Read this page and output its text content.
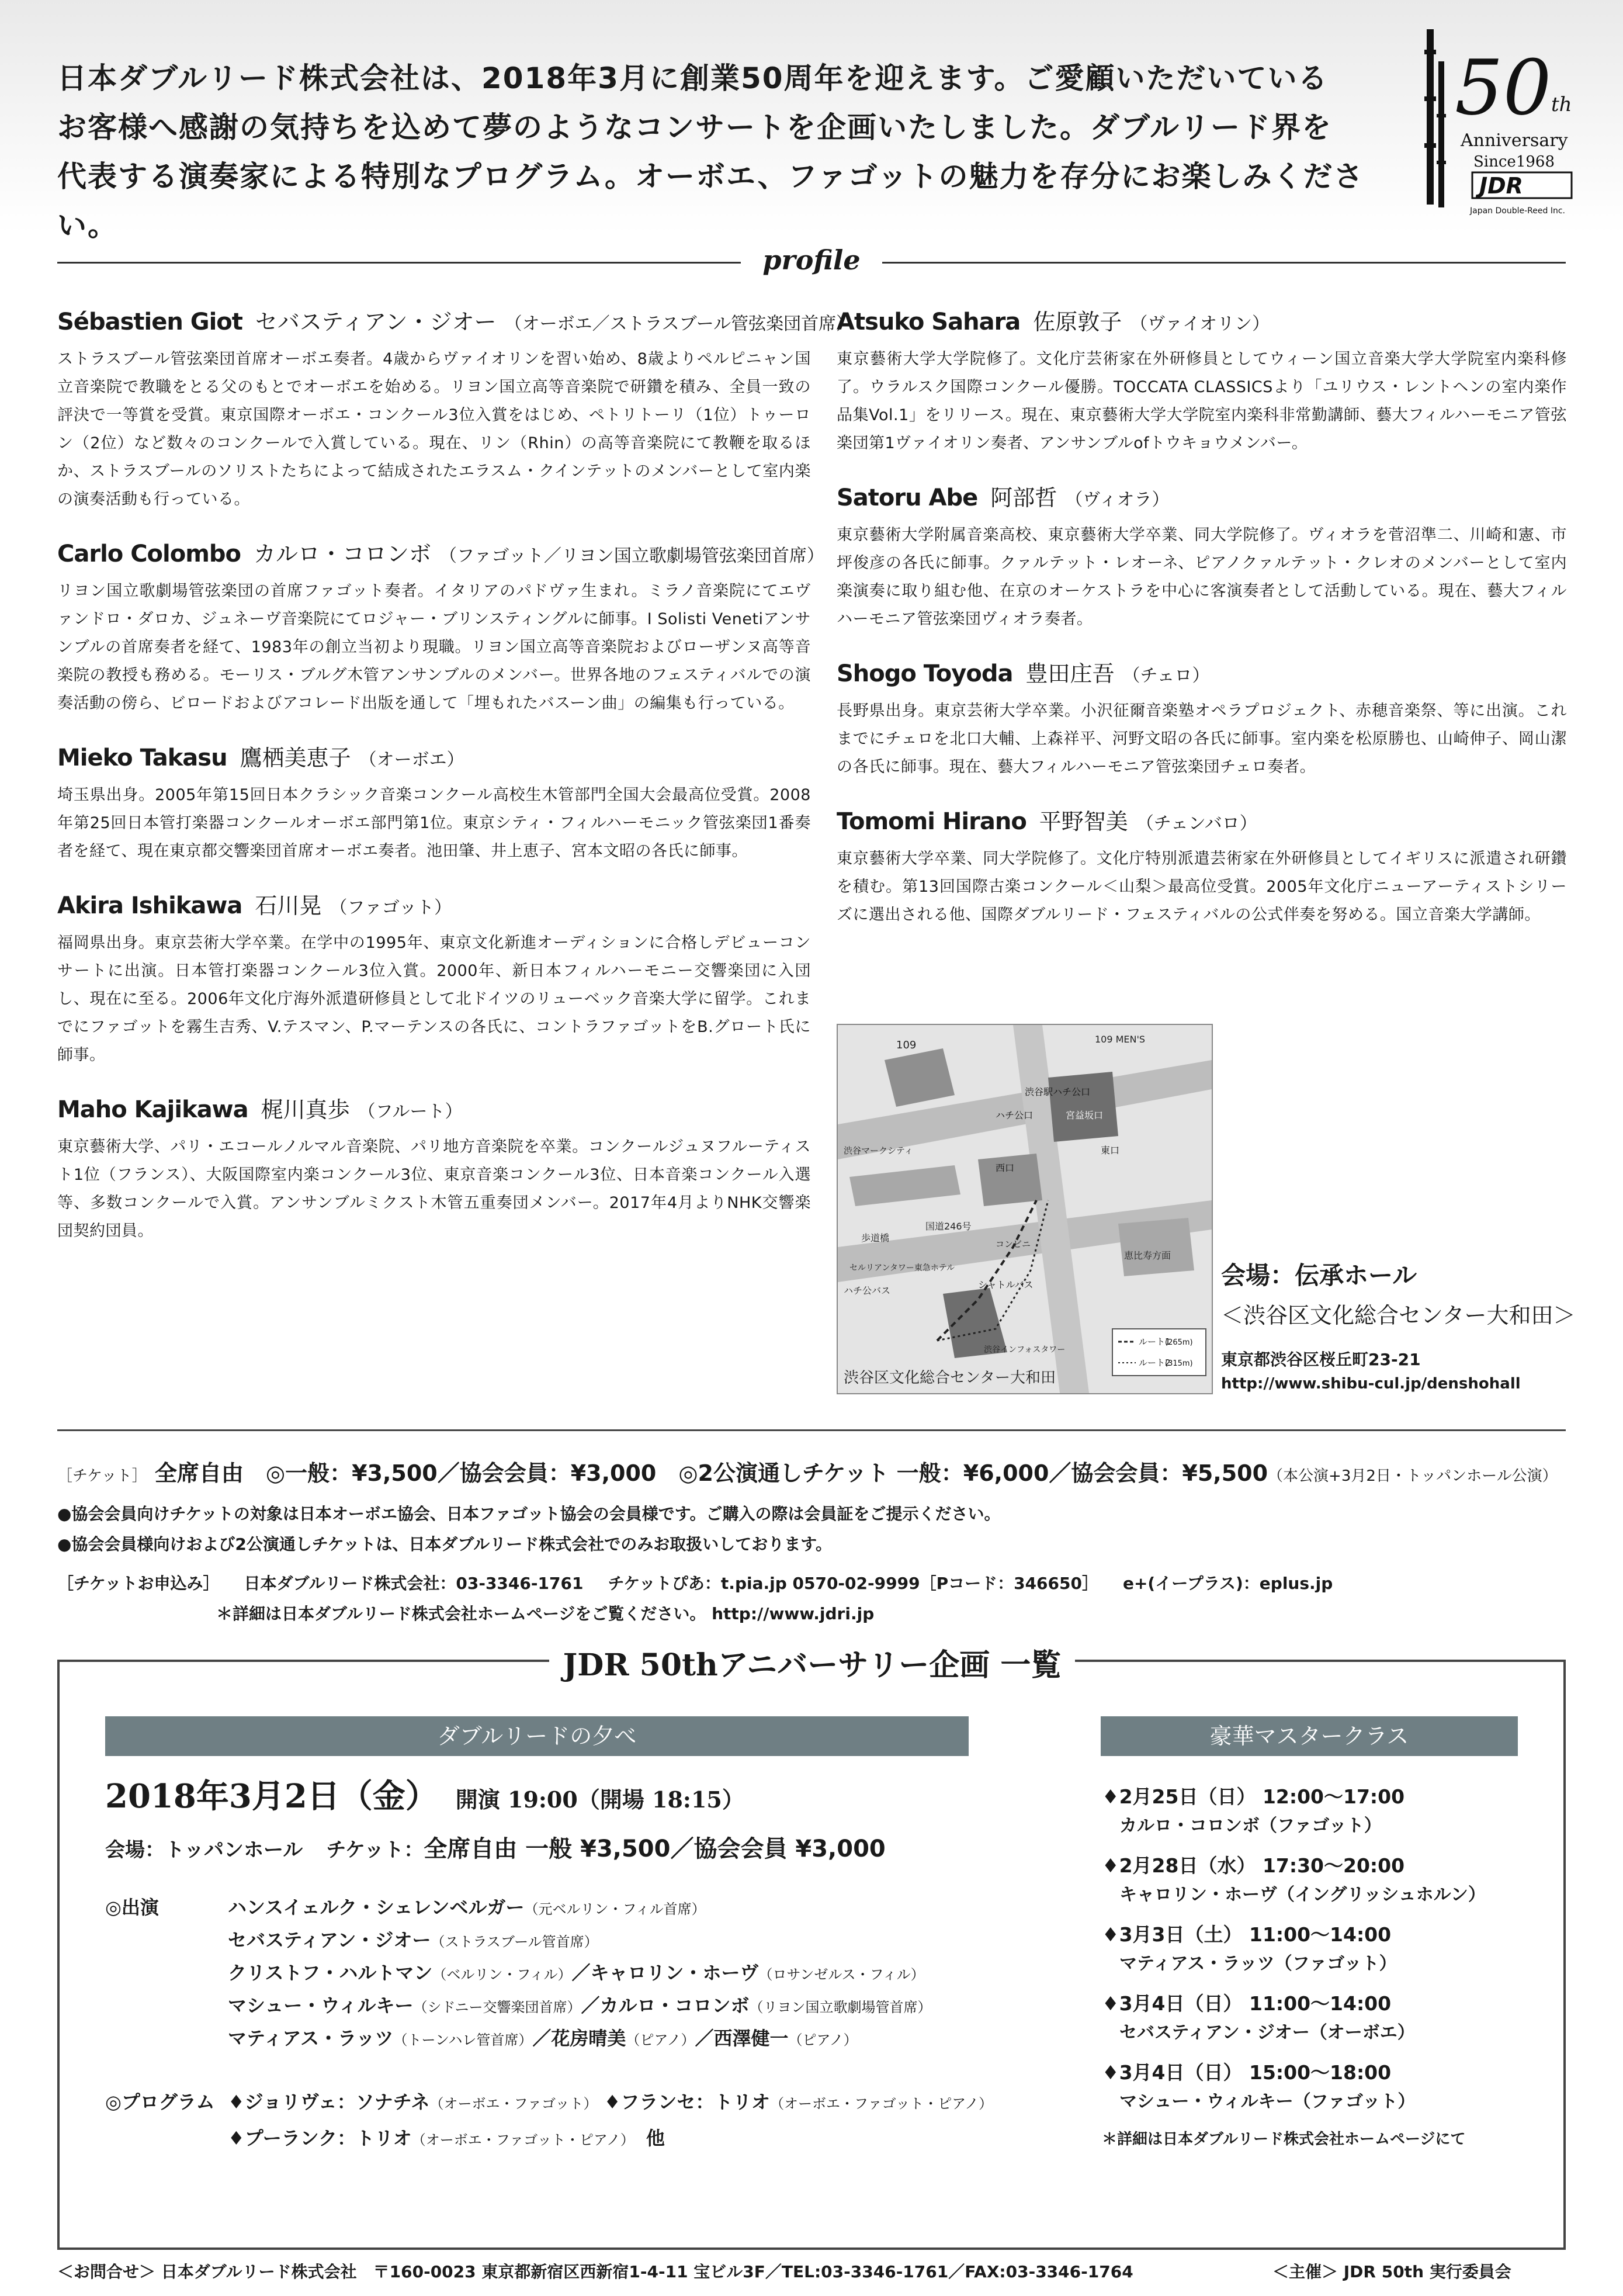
日本ダブルリード株式会社は、2018年3月に創業50周年を迎えます。ご愛顧いただいている
お客様へ感謝の気持ちを込めて夢のようなコンサートを企画いたしました。ダブルリード界を
代表する演奏家による特別なプログラム。オーボエ、ファゴットの魅力を存分にお楽しみください。
50 th
Anniversary
Since1968
JDR
Japan Double-Reed Inc.
profile
Sébastien Giot セバスティアン・ジオー （オーボエ／ストラスブール管弦楽団首席）
ストラスブール管弦楽団首席オーボエ奏者。4歳からヴァイオリンを習い始め、8歳よりペルピニャン国立音楽院で教職をとる父のもとでオーボエを始める。リヨン国立高等音楽院で研鑽を積み、全員一致の評決で一等賞を受賞。東京国際オーボエ・コンクール3位入賞をはじめ、ペトリトーリ（1位）トゥーロン（2位）など数々のコンクールで入賞している。現在、リン（Rhin）の高等音楽院にて教鞭を取るほか、ストラスブールのソリストたちによって結成されたエラスム・クインテットのメンバーとして室内楽の演奏活動も行っている。
Carlo Colombo カルロ・コロンボ （ファゴット／リヨン国立歌劇場管弦楽団首席）
リヨン国立歌劇場管弦楽団の首席ファゴット奏者。イタリアのパドヴァ生まれ。ミラノ音楽院にてエヴァンドロ・ダロカ、ジュネーヴ音楽院にてロジャー・ブリンスティングルに師事。I Solisti Venetiアンサンブルの首席奏者を経て、1983年の創立当初より現職。リヨン国立高等音楽院およびローザンヌ高等音楽院の教授も務める。モーリス・ブルグ木管アンサンブルのメンバー。世界各地のフェスティバルでの演奏活動の傍ら、ビロードおよびアコレード出版を通して「埋もれたバスーン曲」の編集も行っている。
Mieko Takasu 鷹栖美恵子 （オーボエ）
埼玉県出身。2005年第15回日本クラシック音楽コンクール高校生木管部門全国大会最高位受賞。2008年第25回日本管打楽器コンクールオーボエ部門第1位。東京シティ・フィルハーモニック管弦楽団1番奏者を経て、現在東京都交響楽団首席オーボエ奏者。池田肇、井上恵子、宮本文昭の各氏に師事。
Akira Ishikawa 石川晃 （ファゴット）
福岡県出身。東京芸術大学卒業。在学中の1995年、東京文化新進オーディションに合格しデビューコンサートに出演。日本管打楽器コンクール3位入賞。2000年、新日本フィルハーモニー交響楽団に入団し、現在に至る。2006年文化庁海外派遣研修員として北ドイツのリューベック音楽大学に留学。これまでにファゴットを霧生吉秀、V.テスマン、P.マーテンスの各氏に、コントラファゴットをB.グロート氏に師事。
Maho Kajikawa 梶川真歩 （フルート）
東京藝術大学、パリ・エコールノルマル音楽院、パリ地方音楽院を卒業。コンクールジュヌフルーティスト1位（フランス）、大阪国際室内楽コンクール3位、東京音楽コンクール3位、日本音楽コンクール入選等、多数コンクールで入賞。アンサンブルミクスト木管五重奏団メンバー。2017年4月よりNHK交響楽団契約団員。
Atsuko Sahara 佐原敦子 （ヴァイオリン）
東京藝術大学大学院修了。文化庁芸術家在外研修員としてウィーン国立音楽大学大学院室内楽科修了。ウラルスク国際コンクール優勝。TOCCATA CLASSICSより「ユリウス・レントヘンの室内楽作品集Vol.1」をリリース。現在、東京藝術大学大学院室内楽科非常勤講師、藝大フィルハーモニア管弦楽団第1ヴァイオリン奏者、アンサンブルofトウキョウメンバー。
Satoru Abe 阿部哲 （ヴィオラ）
東京藝術大学附属音楽高校、東京藝術大学卒業、同大学院修了。ヴィオラを菅沼準二、川崎和憲、市坪俊彦の各氏に師事。クァルテット・レオーネ、ピアノクァルテット・クレオのメンバーとして室内楽演奏に取り組む他、在京のオーケストラを中心に客演奏者として活動している。現在、藝大フィルハーモニア管弦楽団ヴィオラ奏者。
Shogo Toyoda 豊田庄吾 （チェロ）
長野県出身。東京芸術大学卒業。小沢征爾音楽塾オペラプロジェクト、赤穂音楽祭、等に出演。これまでにチェロを北口大輔、上森祥平、河野文昭の各氏に師事。室内楽を松原勝也、山崎伸子、岡山潔の各氏に師事。現在、藝大フィルハーモニア管弦楽団チェロ奏者。
Tomomi Hirano 平野智美 （チェンバロ）
東京藝術大学卒業、同大学院修了。文化庁特別派遣芸術家在外研修員としてイギリスに派遣され研鑽を積む。第13回国際古楽コンクール＜山梨＞最高位受賞。2005年文化庁ニューアーティストシリーズに選出される他、国際ダブルリード・フェスティバルの公式伴奏を努める。国立音楽大学講師。
109	109 MEN'S
渋谷駅ハチ公口
ハチ公口	宮益坂口
東口
西口
渋谷マークシティ
歩道橋
国道246号
セルリアンタワー東急ホテル
ハチ公バス
シャトルバス
恵比寿方面
コンビニ
渋谷インフォスタワー
ルート1
(265m)
ルート2
(315m)
渋谷区文化総合センター大和田
会場：伝承ホール
＜渋谷区文化総合センター大和田＞
東京都渋谷区桜丘町23-21
http://www.shibu-cul.jp/denshohall
［チケット］ 全席自由　◎一般：¥3,500／協会会員：¥3,000　◎2公演通しチケット 一般：¥6,000／協会会員：¥5,500（本公演+3月2日・トッパンホール公演）
●協会会員向けチケットの対象は日本オーボエ協会、日本ファゴット協会の会員様です。ご購入の際は会員証をご提示ください。
●協会会員様向けおよび2公演通しチケットは、日本ダブルリード株式会社でのみお取扱いしております。
［チケットお申込み］ 日本ダブルリード株式会社：03-3346-1761 チケットぴあ：t.pia.jp 0570-02-9999［Pコード：346650］ e+(イープラス)：eplus.jp
＊詳細は日本ダブルリード株式会社ホームページをご覧ください。 http://www.jdri.jp
JDR 50thアニバーサリー企画 一覧
ダブルリードの夕べ	豪華マスタークラス
2018年3月2日（金） 開演 19:00（開場 18:15）
会場：トッパンホール チケット：全席自由 一般 ¥3,500／協会会員 ¥3,000
◎出演	ハンスイェルク・シェレンベルガー（元ベルリン・フィル首席）
セバスティアン・ジオー（ストラスブール管首席）
クリストフ・ハルトマン（ベルリン・フィル）／キャロリン・ホーヴ（ロサンゼルス・フィル）
マシュー・ウィルキー（シドニー交響楽団首席）／カルロ・コロンボ（リヨン国立歌劇場管首席）
マティアス・ラッツ（トーンハレ管首席）／花房晴美（ピアノ）／西澤健一（ピアノ）
◎プログラム ♦ジョリヴェ：ソナチネ（オーボエ・ファゴット） ♦フランセ：トリオ（オーボエ・ファゴット・ピアノ）
♦プーランク：トリオ（オーボエ・ファゴット・ピアノ）　 他
♦2月25日（日） 12:00〜17:00
カルロ・コロンボ（ファゴット）
♦2月28日（水） 17:30〜20:00
キャロリン・ホーヴ（イングリッシュホルン）
♦3月3日（土） 11:00〜14:00
マティアス・ラッツ（ファゴット）
♦3月4日（日） 11:00〜14:00
セバスティアン・ジオー（オーボエ）
♦3月4日（日） 15:00〜18:00
マシュー・ウィルキー（ファゴット）
＊詳細は日本ダブルリード株式会社ホームページにて
＜お問合せ＞ 日本ダブルリード株式会社　〒160-0023 東京都新宿区西新宿1-4-11 宝ビル3F／TEL:03-3346-1761／FAX:03-3346-1764	＜主催＞ JDR 50th 実行委員会
